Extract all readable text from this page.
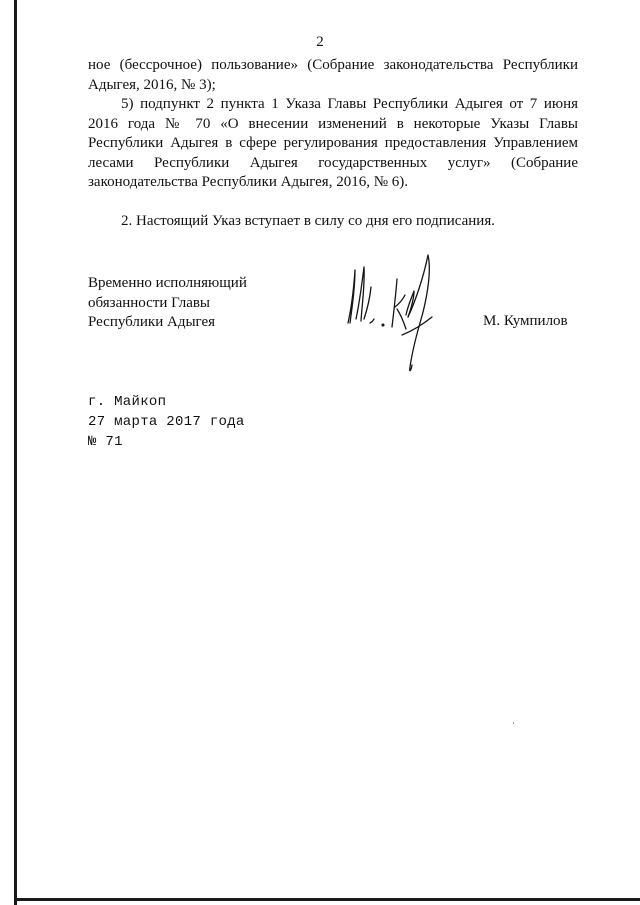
2

ное (бессрочное) пользование» (Собрание законодательства Республики Адыгея, 2016, № 3);

5) подпункт 2 пункта 1 Указа Главы Республики Адыгея от 7 июня 2016 года № 70 «О внесении изменений в некоторые Указы Главы Республики Адыгея в сфере регулирования предоставления Управлением лесами Республики Адыгея государственных услуг» (Собрание законодательства Республики Адыгея, 2016, № 6).

2. Настоящий Указ вступает в силу со дня его подписания.

Временно исполняющий
обязанности Главы
Республики Адыгея	М. Кумпилов
г. Майкоп
27 марта 2017 года
№ 71
